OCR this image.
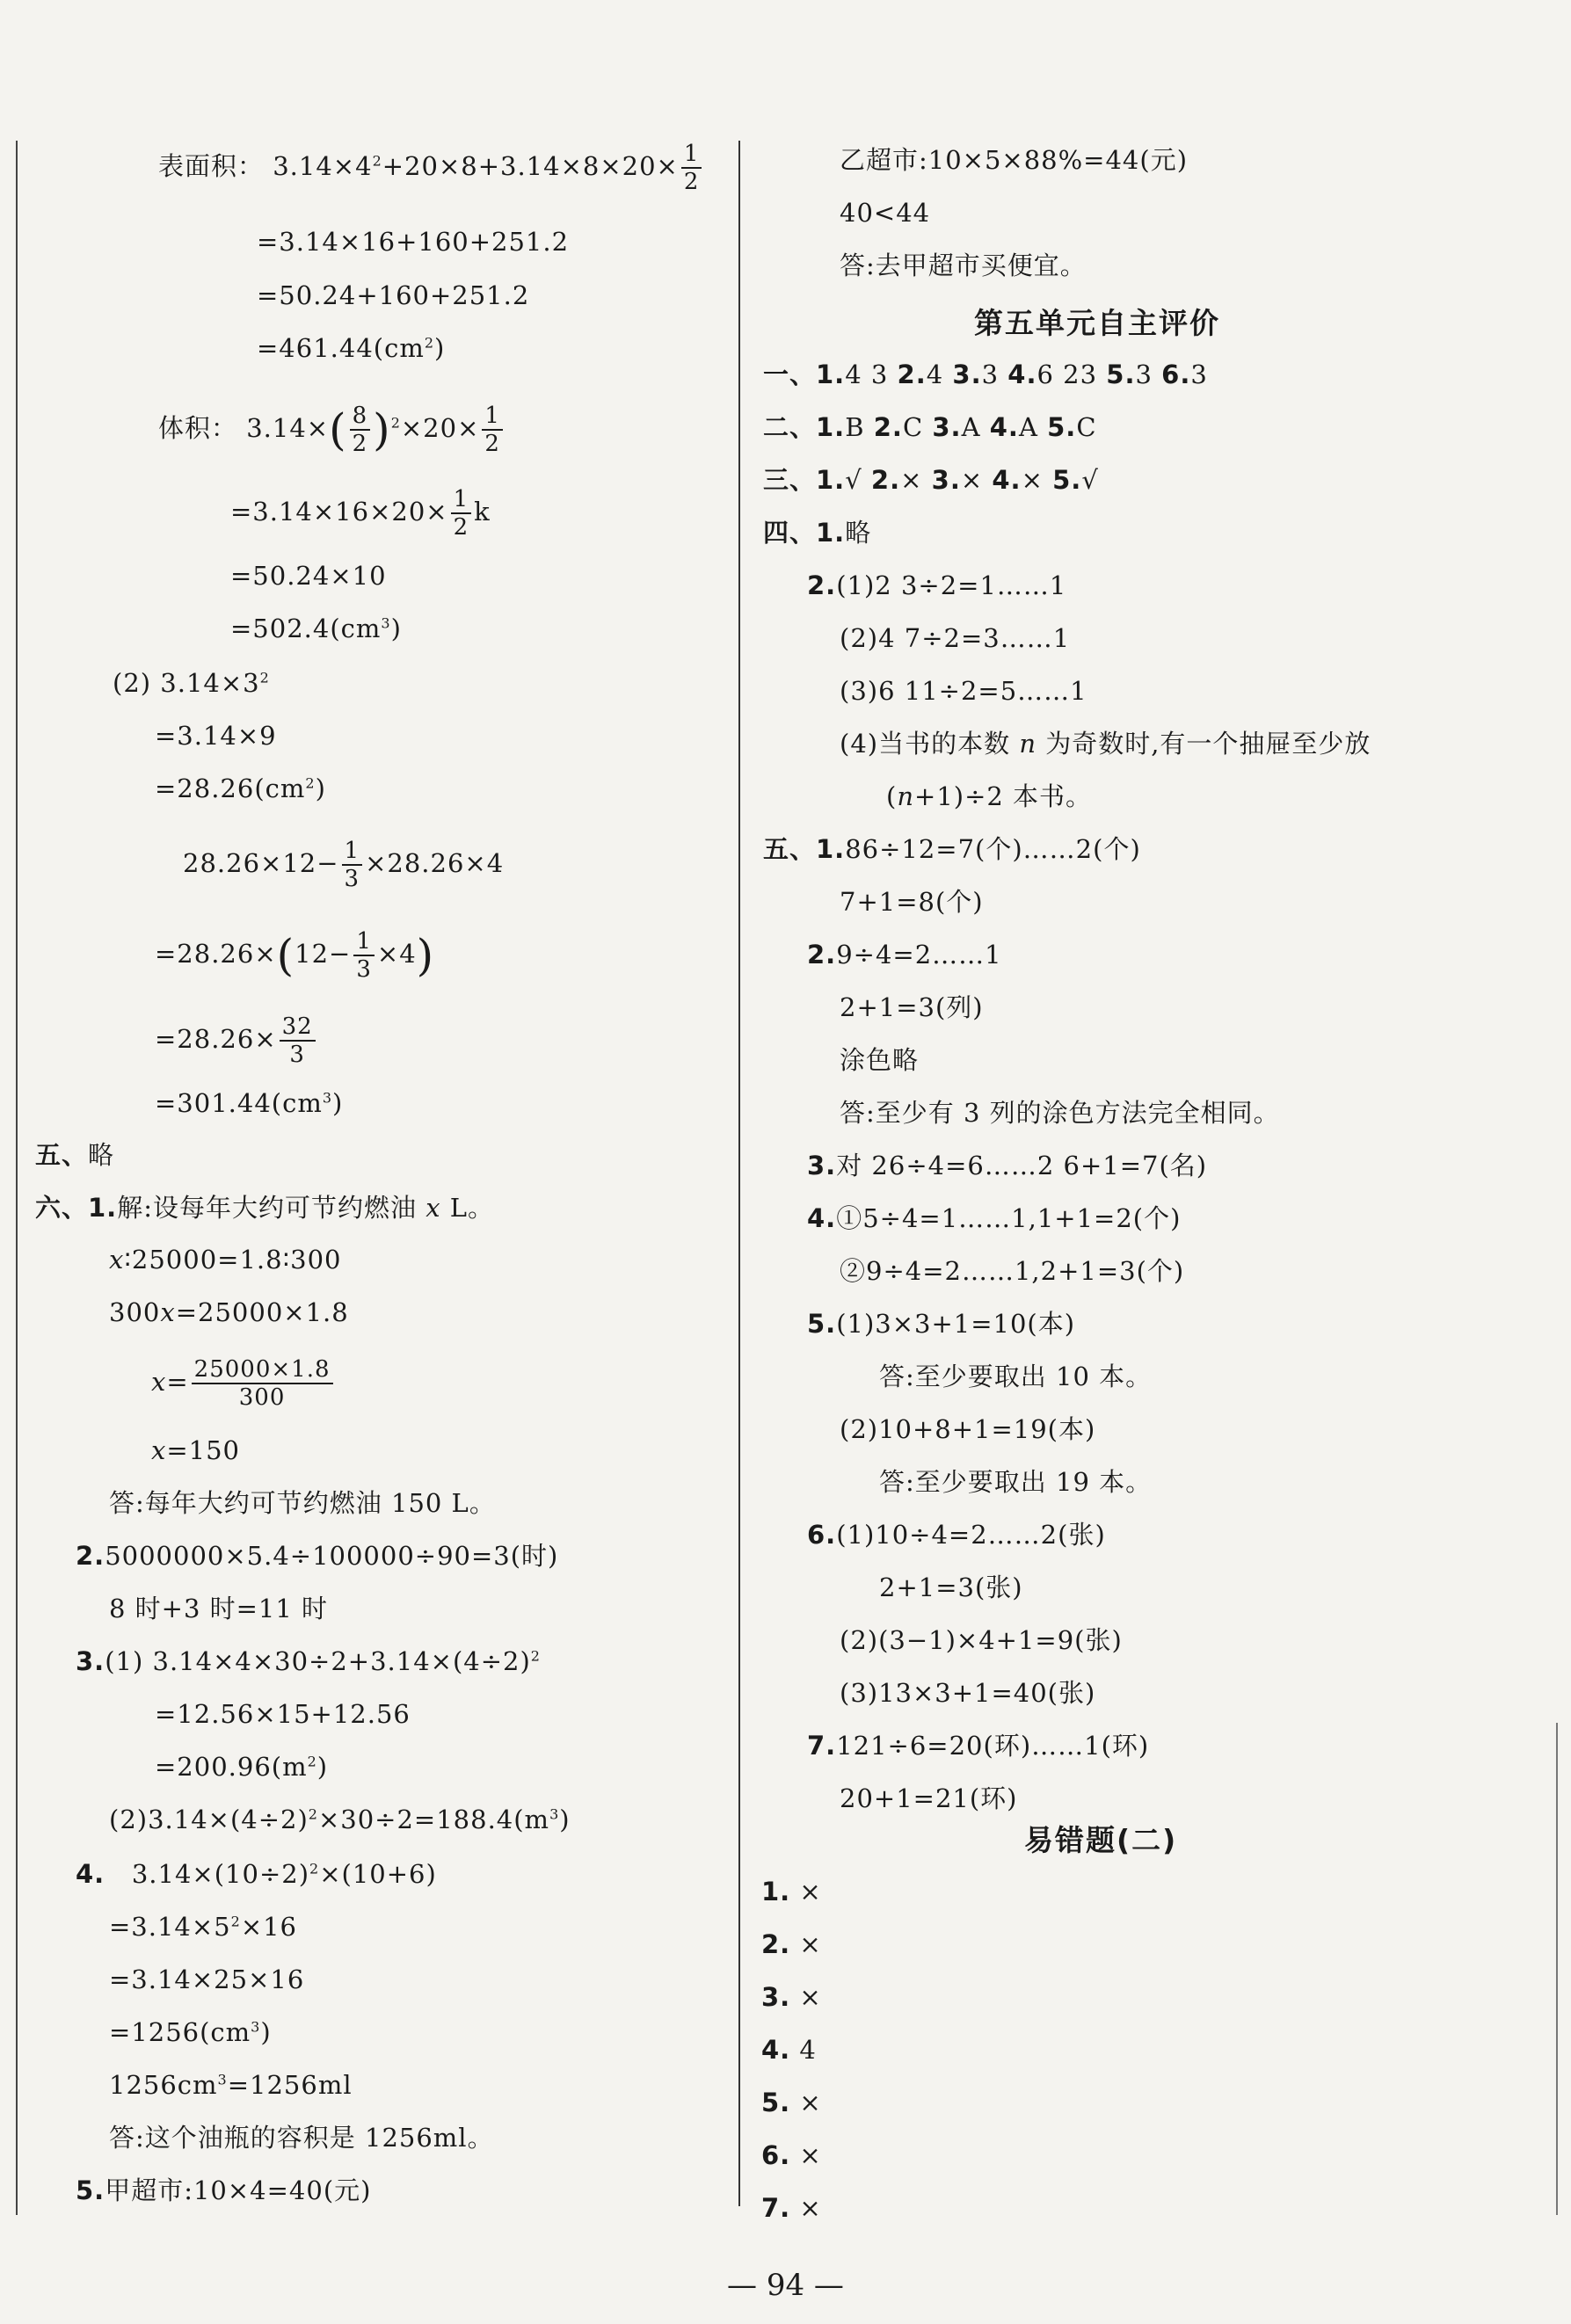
表面积： $3.14\times 4^2+20\times 8+3.14\times 8\times 20\times \frac{1}{2}$
=3.14×16+160+251.2
=50.24+160+251.2
$=461.44(cm^2)$
体积： $3.14\times( \frac{8}{2} )^2\times 20\times \frac{1}{2}$
$=3.14\times 16\times 20\times \frac{1}{2}$ k
=50.24×10
$=502.4(cm^3)$
(2) $3.14\times 3^2$
=3.14×9
$=28.26(cm^2)$
$28.26\times 12- \frac{1}{3} \times 28.26\times 4$
$=28.26\times(12- \frac{1}{3} \times 4)$
$=28.26\times \frac{32}{3}$
$=301.44(cm^3)$
五、略
六、1.解:设每年大约可节约燃油 x L。
x∶25000=1.8∶300
300x=25000×1.8
$x= \frac{25000\times 1.8}{300}$
x=150
答:每年大约可节约燃油 150 L。
2.5000000×5.4÷100000÷90=3(时)
8 时+3 时=11 时
3.(1) $3.14\times 4\times 30\div 2+3.14\times(4\div 2)^2$
=12.56×15+12.56
$=200.96(m^2)$
$(2)3.14\times(4\div 2)^2\times 30\div 2=188.4(m^3)$
4. $3.14\times(10\div 2)^2\times(10+6)$
$=3.14\times 5^2\times 16$
=3.14×25×16
$=1256(cm^3)$
$1256cm^3=1256ml$
答:这个油瓶的容积是 1256ml。
5.甲超市:10×4=40(元)
乙超市:10×5×88%=44(元)
40<44
答:去甲超市买便宜。
第五单元自主评价
一、1.4 3 2.4 3.3 4.6 23 5.3 6.3
二、1.B 2.C 3.A 4.A 5.C
三、1.√ 2.× 3.× 4.× 5.√
四、1.略
2.(1)2 3÷2=1……1
(2)4 7÷2=3……1
(3)6 11÷2=5……1
(4)当书的本数 n 为奇数时,有一个抽屉至少放
(n+1)÷2 本书。
五、1.86÷12=7(个)……2(个)
7+1=8(个)
2.9÷4=2……1
2+1=3(列)
涂色略
答:至少有 3 列的涂色方法完全相同。
3.对 26÷4=6……2 6+1=7(名)
4.①5÷4=1……1,1+1=2(个)
②9÷4=2……1,2+1=3(个)
5.(1)3×3+1=10(本)
答:至少要取出 10 本。
(2)10+8+1=19(本)
答:至少要取出 19 本。
6.(1)10÷4=2……2(张)
2+1=3(张)
(2)(3−1)×4+1=9(张)
(3)13×3+1=40(张)
7.121÷6=20(环)……1(环)
20+1=21(环)
易错题(二)
1. ×
2. ×
3. ×
4. 4
5. ×
6. ×
7. ×
— 94 —
